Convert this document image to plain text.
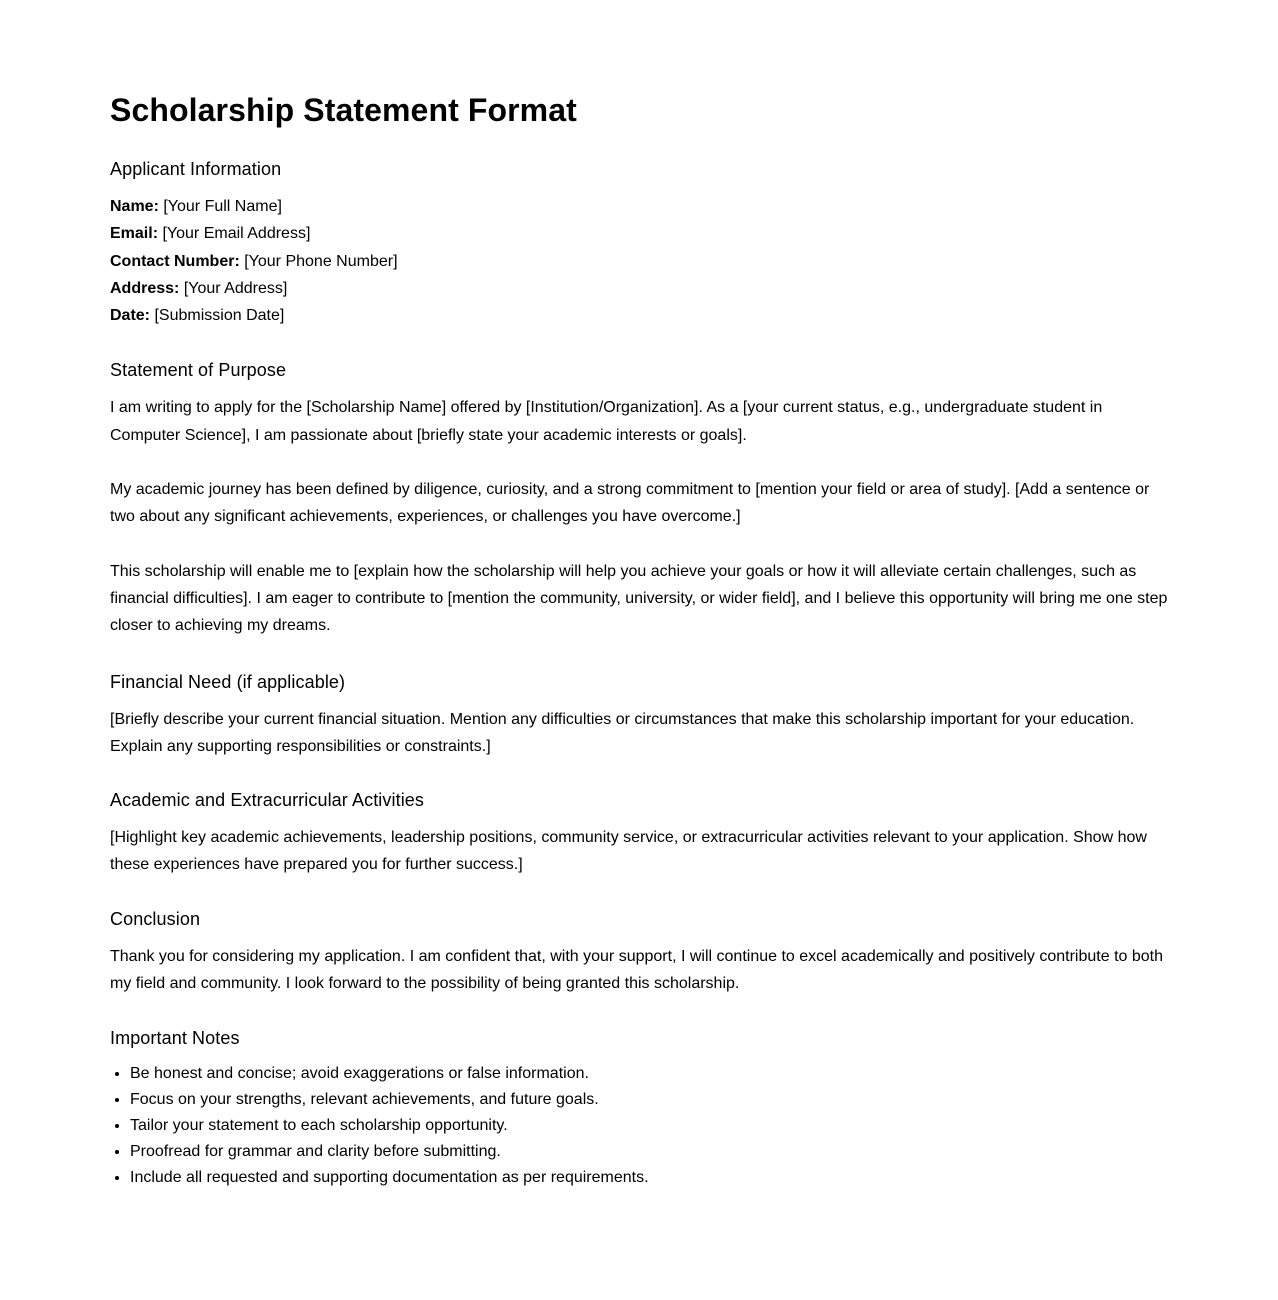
Scholarship Statement Format
Applicant Information
Name: [Your Full Name]
Email: [Your Email Address]
Contact Number: [Your Phone Number]
Address: [Your Address]
Date: [Submission Date]
Statement of Purpose

I am writing to apply for the [Scholarship Name] offered by [Institution/Organization]. As a [your current status, e.g., undergraduate student in Computer Science], I am passionate about [briefly state your academic interests or goals].

My academic journey has been defined by diligence, curiosity, and a strong commitment to [mention your field or area of study]. [Add a sentence or two about any significant achievements, experiences, or challenges you have overcome.]

This scholarship will enable me to [explain how the scholarship will help you achieve your goals or how it will alleviate certain challenges, such as financial difficulties]. I am eager to contribute to [mention the community, university, or wider field], and I believe this opportunity will bring me one step closer to achieving my dreams.

Financial Need (if applicable)

[Briefly describe your current financial situation. Mention any difficulties or circumstances that make this scholarship important for your education. Explain any supporting responsibilities or constraints.]

Academic and Extracurricular Activities

[Highlight key academic achievements, leadership positions, community service, or extracurricular activities relevant to your application. Show how these experiences have prepared you for further success.]

Conclusion

Thank you for considering my application. I am confident that, with your support, I will continue to excel academically and positively contribute to both my field and community. I look forward to the possibility of being granted this scholarship.

Important Notes
• Be honest and concise; avoid exaggerations or false information.
• Focus on your strengths, relevant achievements, and future goals.
• Tailor your statement to each scholarship opportunity.
• Proofread for grammar and clarity before submitting.
• Include all requested and supporting documentation as per requirements.
